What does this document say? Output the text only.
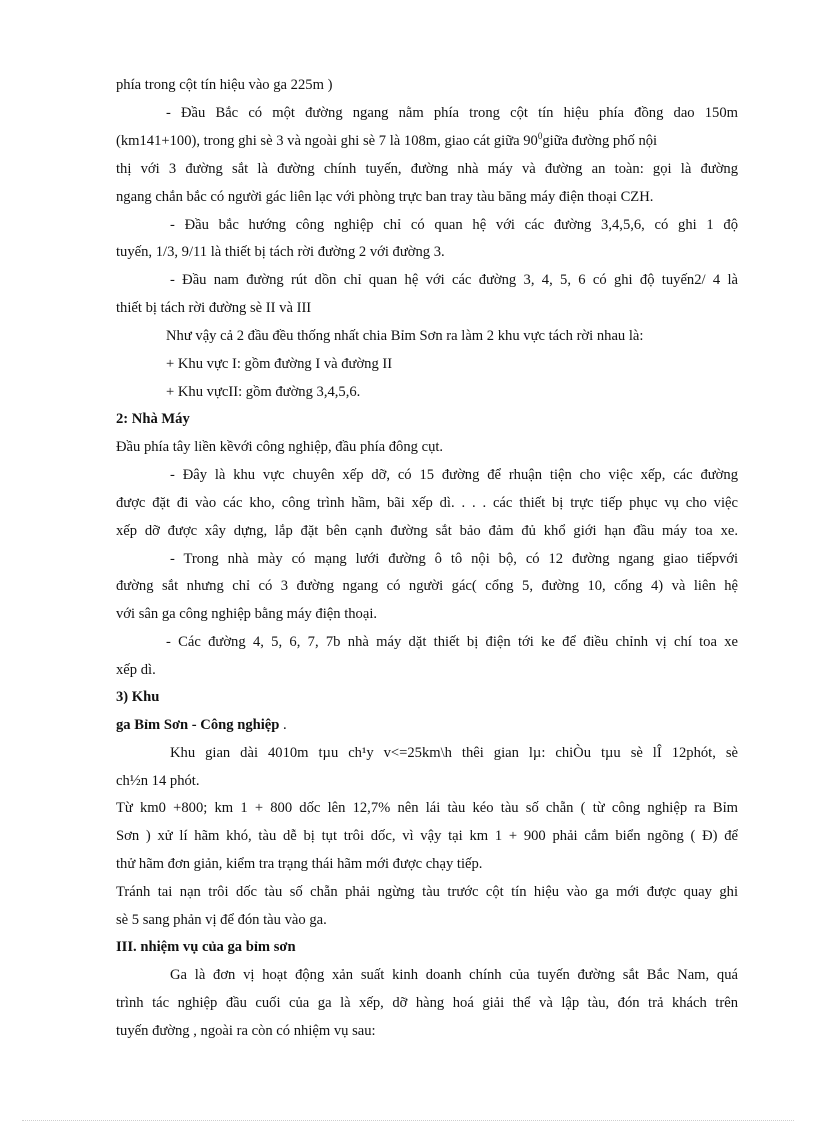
phía trong cột tín hiệu vào ga 225m )
- Đầu Bắc có một đường ngang nằm phía trong cột tín hiệu phía đồng dao 150m
(km141+100), trong ghi sè 3 và ngoài ghi sè 7 là 108m, giao cát giữa $90^0giữa$ đường phố nội
thị với 3 đường sắt là đường chính tuyến, đường nhà máy và đường an toàn: gọi là đường
ngang chắn bắc có người gác liên lạc với phòng trực ban tray tàu băng máy điện thoại CZH.
- Đầu bắc hướng công nghiệp chỉ có quan hệ với các đường 3,4,5,6, có ghi 1 độ
tuyến, 1/3, 9/11 là thiết bị tách rời đường 2 với đường 3.
- Đầu nam đường rút dồn chỉ quan hệ với các đường 3, 4, 5, 6 có ghi độ tuyến2/ 4 là
thiết bị tách rời đường sè II và III
Như vậy cả 2 đầu đều thống nhất chia Bỉm Sơn ra làm 2 khu vực tách rời nhau là:
+ Khu vực I: gồm đường I và đường II
+ Khu vựcII: gồm đường 3,4,5,6.
2: Nhà Máy
Đầu phía tây liền kềvới công nghiệp, đầu phía đông cụt.
- Đây là khu vực chuyên xếp dỡ, có 15 đường để rhuận tiện cho việc xếp, các đường
được đặt đi vào các kho, công trình hầm, bãi xếp dì. . . . các thiết bị trực tiếp phục vụ cho việc
xếp dỡ được xây dựng, lắp đặt bên cạnh đường sắt bảo đảm đủ khổ giới hạn đầu máy toa xe.
- Trong nhà mày có mạng lưới đường ô tô nội bộ, có 12 đường ngang giao tiếpvới
đường sắt nhưng chỉ có 3 đường ngang có người gác( cổng 5, đường 10, cổng 4) và liên hệ
với sân ga công nghiệp bằng máy điện thoại.
- Các đường 4, 5, 6, 7, 7b nhà máy dặt thiết bị điện tới ke để điều chỉnh vị chí toa xe
xếp dì.
3) Khu
ga Bỉm Sơn - Công nghiệp .
Khu gian dài 4010m tµu ch¹y v<=25km\h thêi gian lµ: chiÒu tµu sè lÎ 12phót, sè
ch½n 14 phót.
Từ km0 +800; km 1 + 800 dốc lên 12,7% nên lái tàu kéo tàu số chẵn ( từ công nghiệp ra Bỉm
Sơn ) xử lí hãm khó, tàu dễ bị tụt trôi dốc, vì vậy tại km 1 + 900 phải cắm biển ngõng ( Đ) để
thử hãm đơn giản, kiểm tra trạng thái hãm mới được chạy tiếp.
Tránh tai nạn trôi dốc tàu số chẵn phải ngừng tàu trước cột tín hiệu vào ga mới được quay ghi
sè 5 sang phản vị để đón tàu vào ga.
III. nhiệm vụ của ga bỉm sơn
Ga là đơn vị hoạt động xản suất kinh doanh chính của tuyến đường sắt Bắc Nam, quá
trình tác nghiệp đầu cuối của ga là xếp, dỡ hàng hoá giải thể và lập tàu, đón trả khách trên
tuyến đường , ngoài ra còn có nhiệm vụ sau:
